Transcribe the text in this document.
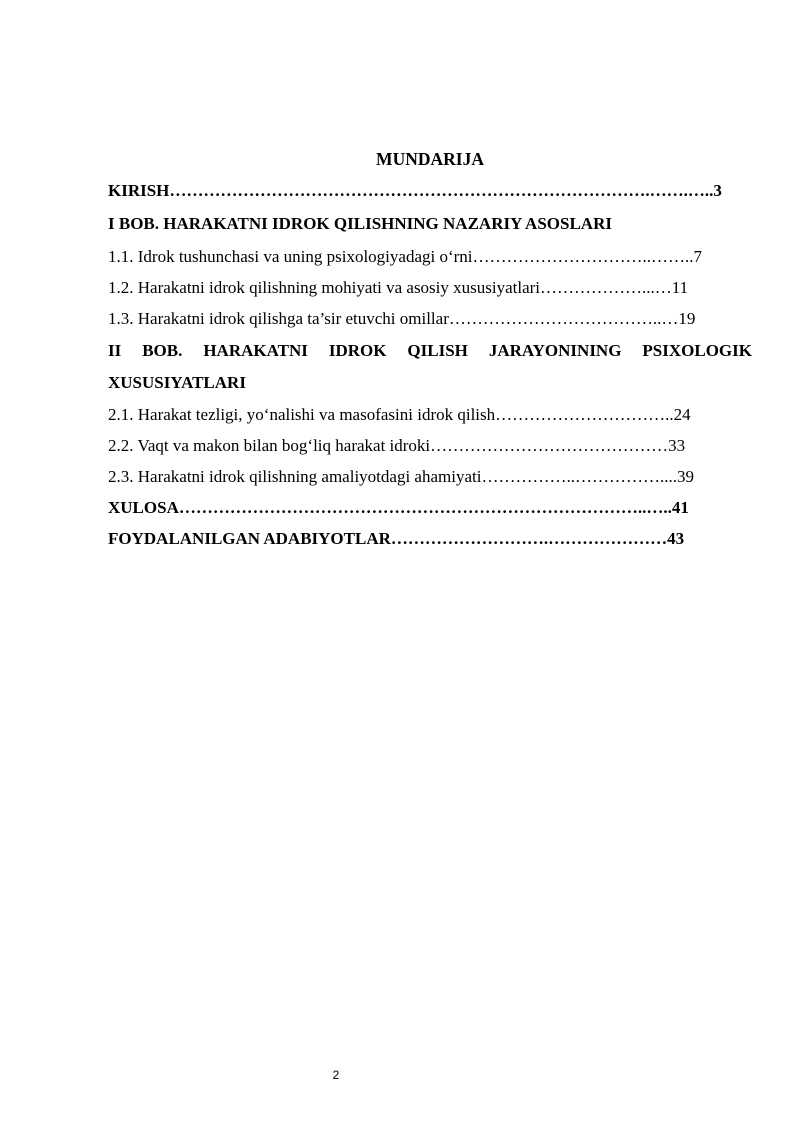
MUNDARIJA
KIRISH………………………………………………………………………….…….…..3
I BOB. HARAKATNI IDROK QILISHNING NAZARIY ASOSLARI
1.1. Idrok tushunchasi va uning psixologiyadagi o‘rni…………………………..……..7
1.2. Harakatni idrok qilishning mohiyati va asosiy xususiyatlari………………...…11
1.3. Harakatni idrok qilishga ta’sir etuvchi omillar………………………………..…19
II BOB. HARAKATNI IDROK QILISH JARAYONINING PSIXOLOGIK
XUSUSIYATLARI
2.1. Harakat tezligi, yo‘nalishi va masofasini idrok qilish…………………………..24
2.2. Vaqt va makon bilan bog‘liq harakat idroki……………………………………33
2.3. Harakatni idrok qilishning amaliyotdagi ahamiyati……………..……………....39
XULOSA………………………………………………………………………..…..41
FOYDALANILGAN ADABIYOTLAR……………………….…………………43
2
